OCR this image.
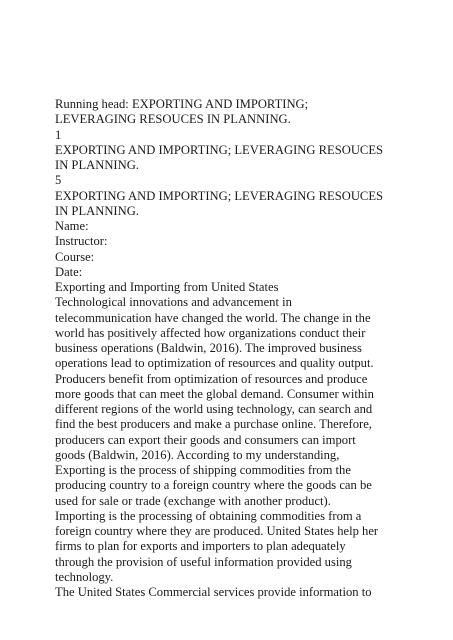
Running head: EXPORTING AND IMPORTING;
LEVERAGING RESOUCES IN PLANNING.
1
EXPORTING AND IMPORTING; LEVERAGING RESOUCES
IN PLANNING.
5
EXPORTING AND IMPORTING; LEVERAGING RESOUCES
IN PLANNING.
Name:
Instructor:
Course:
Date:
Exporting and Importing from United States
Technological innovations and advancement in
telecommunication have changed the world. The change in the
world has positively affected how organizations conduct their
business operations (Baldwin, 2016). The improved business
operations lead to optimization of resources and quality output.
Producers benefit from optimization of resources and produce
more goods that can meet the global demand. Consumer within
different regions of the world using technology, can search and
find the best producers and make a purchase online. Therefore,
producers can export their goods and consumers can import
goods (Baldwin, 2016). According to my understanding,
Exporting is the process of shipping commodities from the
producing country to a foreign country where the goods can be
used for sale or trade (exchange with another product).
Importing is the processing of obtaining commodities from a
foreign country where they are produced. United States help her
firms to plan for exports and importers to plan adequately
through the provision of useful information provided using
technology.
The United States Commercial services provide information to
